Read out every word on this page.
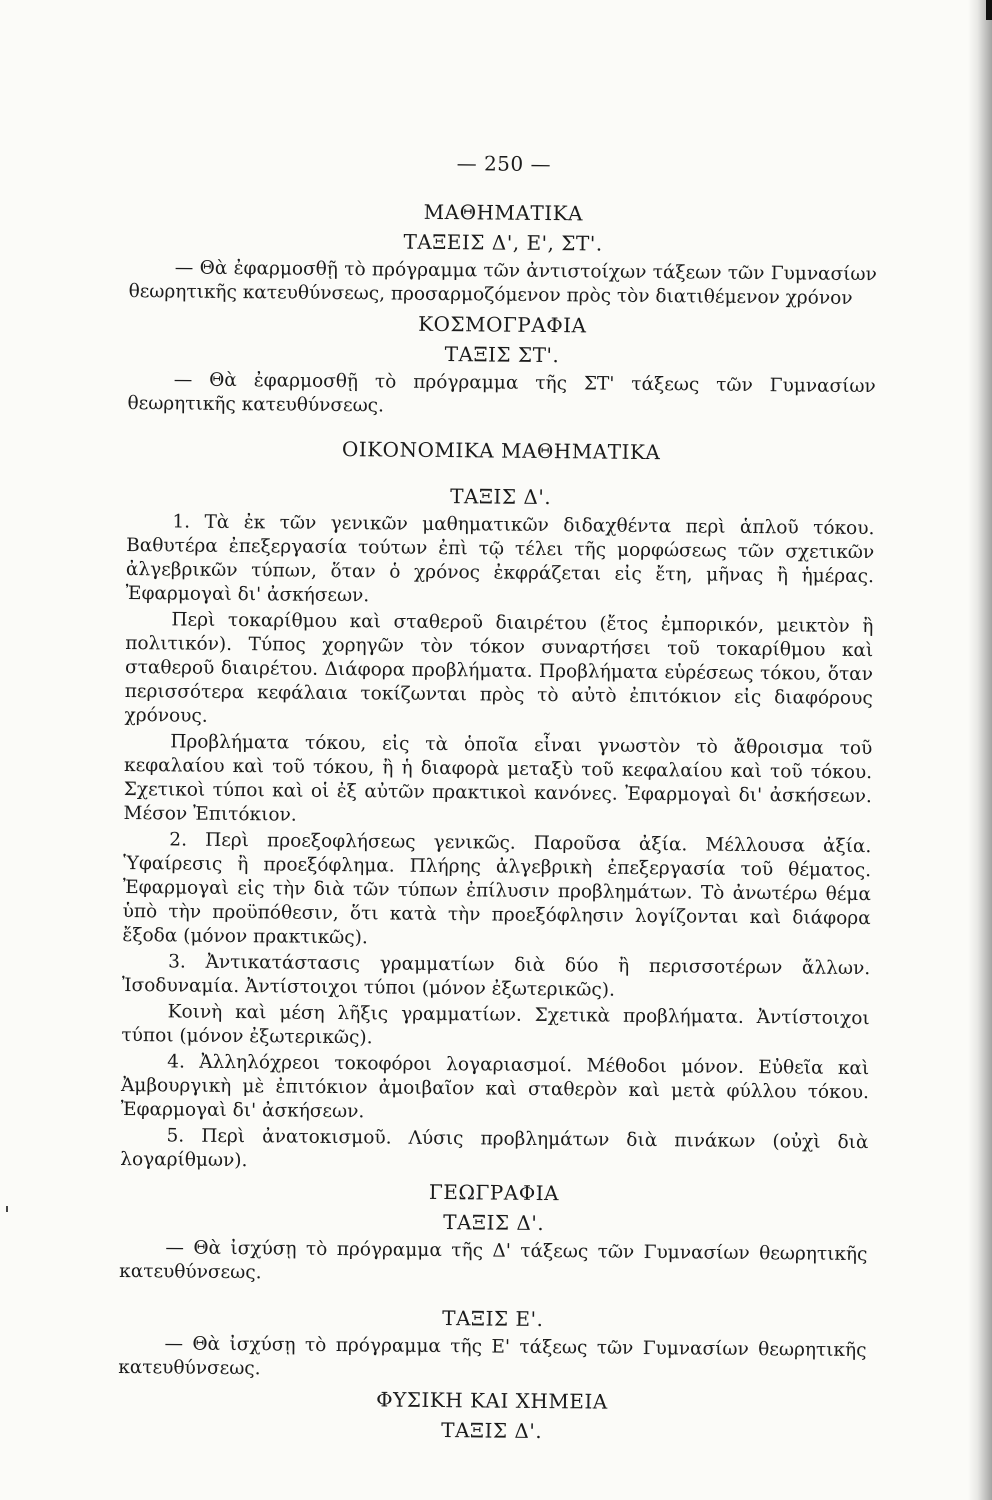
— 250 —
ΜΑΘΗΜΑΤΙΚΑ
ΤΑΞΕΙΣ Δ', Ε', ΣΤ'.

— Θὰ ἐφαρμοσθῇ τὸ πρόγραμμα τῶν ἀντιστοίχων τάξεων τῶν Γυμνασίων θεωρητικῆς κατευθύνσεως, προσαρμοζόμενον πρὸς τὸν διατιθέμενον χρόνον

ΚΟΣΜΟΓΡΑΦΙΑ
ΤΑΞΙΣ ΣΤ'.

— Θὰ ἐφαρμοσθῇ τὸ πρόγραμμα τῆς ΣΤ' τάξεως τῶν Γυμνασίων θεωρητικῆς κατευθύνσεως.

ΟΙΚΟΝΟΜΙΚΑ ΜΑΘΗΜΑΤΙΚΑ
ΤΑΞΙΣ Δ'.

1. Τὰ ἐκ τῶν γενικῶν μαθηματικῶν διδαχθέντα περὶ ἁπλοῦ τόκου. Βαθυτέρα ἐπεξεργασία τούτων ἐπὶ τῷ τέλει τῆς μορφώσεως τῶν σχετικῶν ἀλγεβρικῶν τύπων, ὅταν ὁ χρόνος ἐκφράζεται εἰς ἔτη, μῆνας ἢ ἡμέρας. Ἐφαρμογαὶ δι' ἀσκήσεων.

Περὶ τοκαρίθμου καὶ σταθεροῦ διαιρέτου (ἔτος ἐμπορικόν, μεικτὸν ἢ πολιτικόν). Τύπος χορηγῶν τὸν τόκον συναρτήσει τοῦ τοκαρίθμου καὶ σταθεροῦ διαιρέτου. Διάφορα προβλήματα. Προβλήματα εὑρέσεως τόκου, ὅταν περισσότερα κεφάλαια τοκίζωνται πρὸς τὸ αὐτὸ ἐπιτόκιον εἰς διαφόρους χρόνους.

Προβλήματα τόκου, εἰς τὰ ὁποῖα εἶναι γνωστὸν τὸ ἄθροισμα τοῦ κεφαλαίου καὶ τοῦ τόκου, ἢ ἡ διαφορὰ μεταξὺ τοῦ κεφαλαίου καὶ τοῦ τόκου. Σχετικοὶ τύποι καὶ οἱ ἐξ αὐτῶν πρακτικοὶ κανόνες. Ἐφαρμογαὶ δι' ἀσκήσεων. Μέσον Ἐπιτόκιον.

2. Περὶ προεξοφλήσεως γενικῶς. Παροῦσα ἀξία. Μέλλουσα ἀξία. Ὑφαίρεσις ἢ προεξόφλημα. Πλήρης ἀλγεβρικὴ ἐπεξεργασία τοῦ θέματος. Ἐφαρμογαὶ εἰς τὴν διὰ τῶν τύπων ἐπίλυσιν προβλημάτων. Τὸ ἀνωτέρω θέμα ὑπὸ τὴν προϋπόθεσιν, ὅτι κατὰ τὴν προεξόφλησιν λογίζονται καὶ διάφορα ἔξοδα (μόνον πρακτικῶς).

3. Ἀντικατάστασις γραμματίων διὰ δύο ἢ περισσοτέρων ἄλλων. Ἰσοδυναμία. Ἀντίστοιχοι τύποι (μόνον ἐξωτερικῶς).

Κοινὴ καὶ μέση λῆξις γραμματίων. Σχετικὰ προβλήματα. Ἀντίστοιχοι τύποι (μόνον ἐξωτερικῶς).

4. Ἀλληλόχρεοι τοκοφόροι λογαριασμοί. Μέθοδοι μόνον. Εὐθεῖα καὶ Ἀμβουργικὴ μὲ ἐπιτόκιον ἀμοιβαῖον καὶ σταθερὸν καὶ μετὰ φύλλου τόκου. Ἐφαρμογαὶ δι' ἀσκήσεων.

5. Περὶ ἀνατοκισμοῦ. Λύσις προβλημάτων διὰ πινάκων (οὐχὶ διὰ λογαρίθμων).

ΓΕΩΓΡΑΦΙΑ
ΤΑΞΙΣ Δ'.

— Θὰ ἰσχύσῃ τὸ πρόγραμμα τῆς Δ' τάξεως τῶν Γυμνασίων θεωρητικῆς κατευθύνσεως.

ΤΑΞΙΣ Ε'.

— Θὰ ἰσχύσῃ τὸ πρόγραμμα τῆς Ε' τάξεως τῶν Γυμνασίων θεωρητικῆς κατευθύνσεως.

ΦΥΣΙΚΗ ΚΑΙ ΧΗΜΕΙΑ
ΤΑΞΙΣ Δ'.
